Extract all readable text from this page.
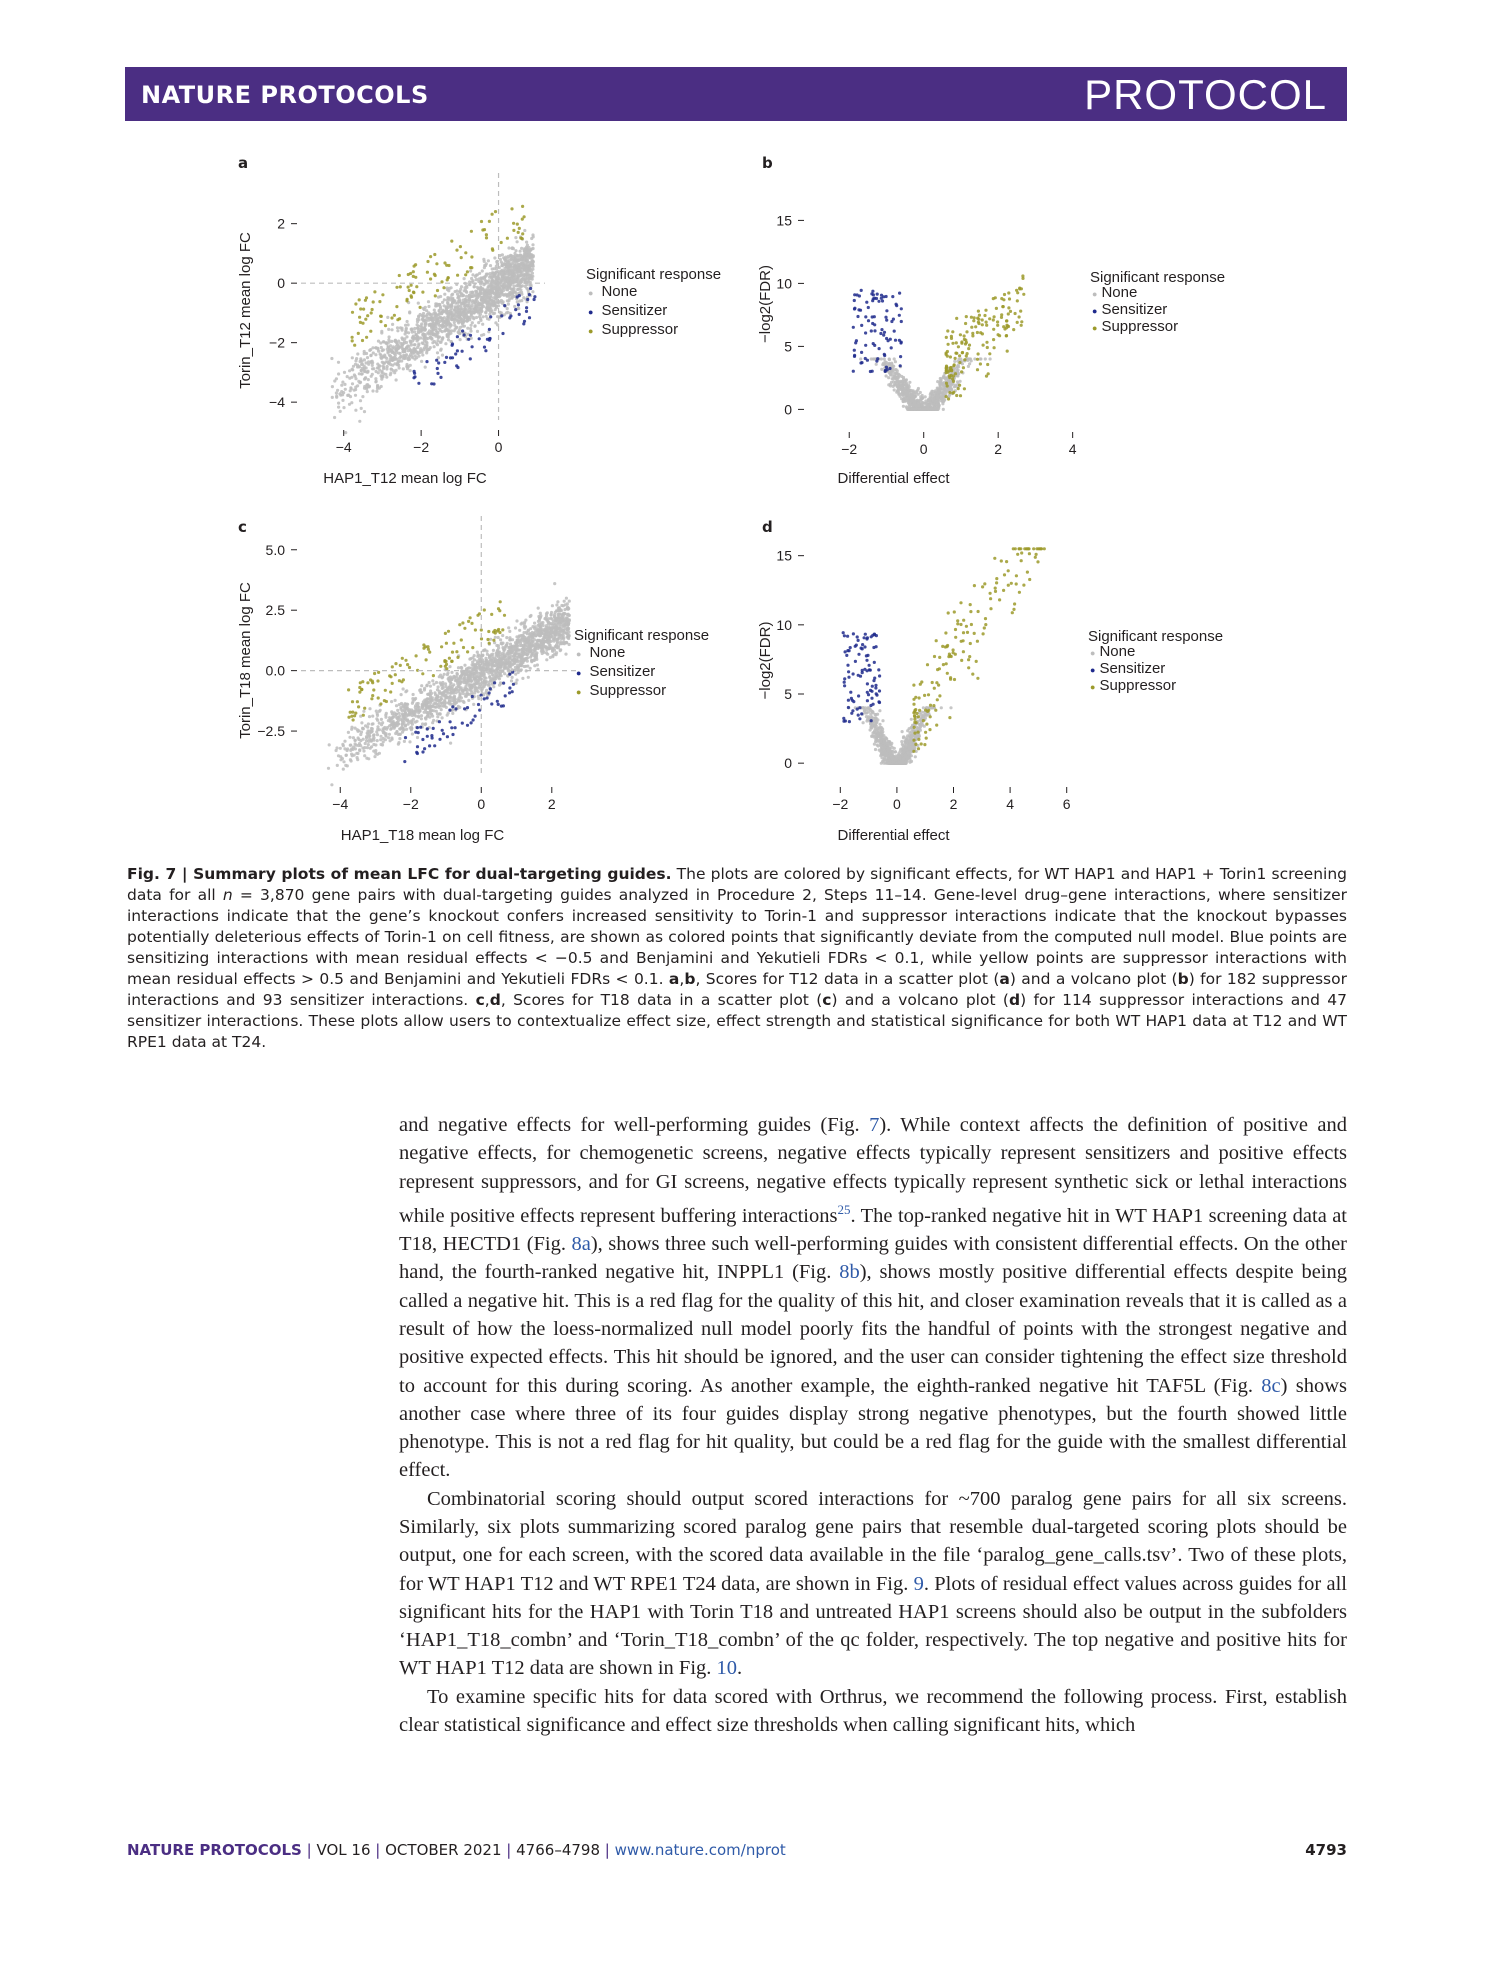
NATURE PROTOCOLS	PROTOCOL
a
−4	−2	0
2
0
−2
−4
HAP1_T12 mean log FC
Torin_T12 mean log FC
b
−2	0	2	4
15
10
5
0
Differential effect
−log2(FDR)
c
−4	−2	0	2
5.0
2.5
0.0
−2.5
HAP1_T18 mean log FC
Torin_T18 mean log FC
d
−2	0	2	4	6
15
10
5
0
Differential effect
−log2(FDR)
Significant response
● None
● Sensitizer
● Suppressor
Significant response
● None
● Sensitizer
● Suppressor
Significant response
● None
● Sensitizer
● Suppressor
Significant response
● None
● Sensitizer
● Suppressor
Fig. 7 | Summary plots of mean LFC for dual-targeting guides. The plots are colored by significant effects, for WT HAP1 and HAP1 + Torin1 screening data for all n = 3,870 gene pairs with dual-targeting guides analyzed in Procedure 2, Steps 11–14. Gene-level drug–gene interactions, where sensitizer interactions indicate that the gene’s knockout confers increased sensitivity to Torin-1 and suppressor interactions indicate that the knockout bypasses potentially deleterious effects of Torin-1 on cell fitness, are shown as colored points that significantly deviate from the computed null model. Blue points are sensitizing interactions with mean residual effects < −0.5 and Benjamini and Yekutieli FDRs < 0.1, while yellow points are suppressor interactions with mean residual effects > 0.5 and Benjamini and Yekutieli FDRs < 0.1. a,b, Scores for T12 data in a scatter plot (a) and a volcano plot (b) for 182 suppressor interactions and 93 sensitizer interactions. c,d, Scores for T18 data in a scatter plot (c) and a volcano plot (d) for 114 suppressor interactions and 47 sensitizer interactions. These plots allow users to contextualize effect size, effect strength and statistical significance for both WT HAP1 data at T12 and WT RPE1 data at T24.

and negative effects for well-performing guides (Fig. 7). While context affects the definition of positive and negative effects, for chemogenetic screens, negative effects typically represent sensitizers and positive effects represent suppressors, and for GI screens, negative effects typically represent synthetic sick or lethal interactions while positive effects represent buffering interactions$^{25}$. The top-ranked negative hit in WT HAP1 screening data at T18, HECTD1 (Fig. 8a), shows three such well-performing guides with consistent differential effects. On the other hand, the fourth-ranked negative hit, INPPL1 (Fig. 8b), shows mostly positive differential effects despite being called a negative hit. This is a red flag for the quality of this hit, and closer examination reveals that it is called as a result of how the loess-normalized null model poorly fits the handful of points with the strongest negative and positive expected effects. This hit should be ignored, and the user can consider tightening the effect size threshold to account for this during scoring. As another example, the eighth-ranked negative hit TAF5L (Fig. 8c) shows another case where three of its four guides display strong negative phenotypes, but the fourth showed little phenotype. This is not a red flag for hit quality, but could be a red flag for the guide with the smallest differential effect.

Combinatorial scoring should output scored interactions for ~700 paralog gene pairs for all six screens. Similarly, six plots summarizing scored paralog gene pairs that resemble dual-targeted scoring plots should be output, one for each screen, with the scored data available in the file ‘paralog_gene_calls.tsv’. Two of these plots, for WT HAP1 T12 and WT RPE1 T24 data, are shown in Fig. 9. Plots of residual effect values across guides for all significant hits for the HAP1 with Torin T18 and untreated HAP1 screens should also be output in the subfolders ‘HAP1_T18_combn’ and ‘Torin_T18_combn’ of the qc folder, respectively. The top negative and positive hits for WT HAP1 T12 data are shown in Fig. 10.

To examine specific hits for data scored with Orthrus, we recommend the following process. First, establish clear statistical significance and effect size thresholds when calling significant hits, which

NATURE PROTOCOLS | VOL 16 | OCTOBER 2021 | 4766–4798 | www.nature.com/nprot	4793
